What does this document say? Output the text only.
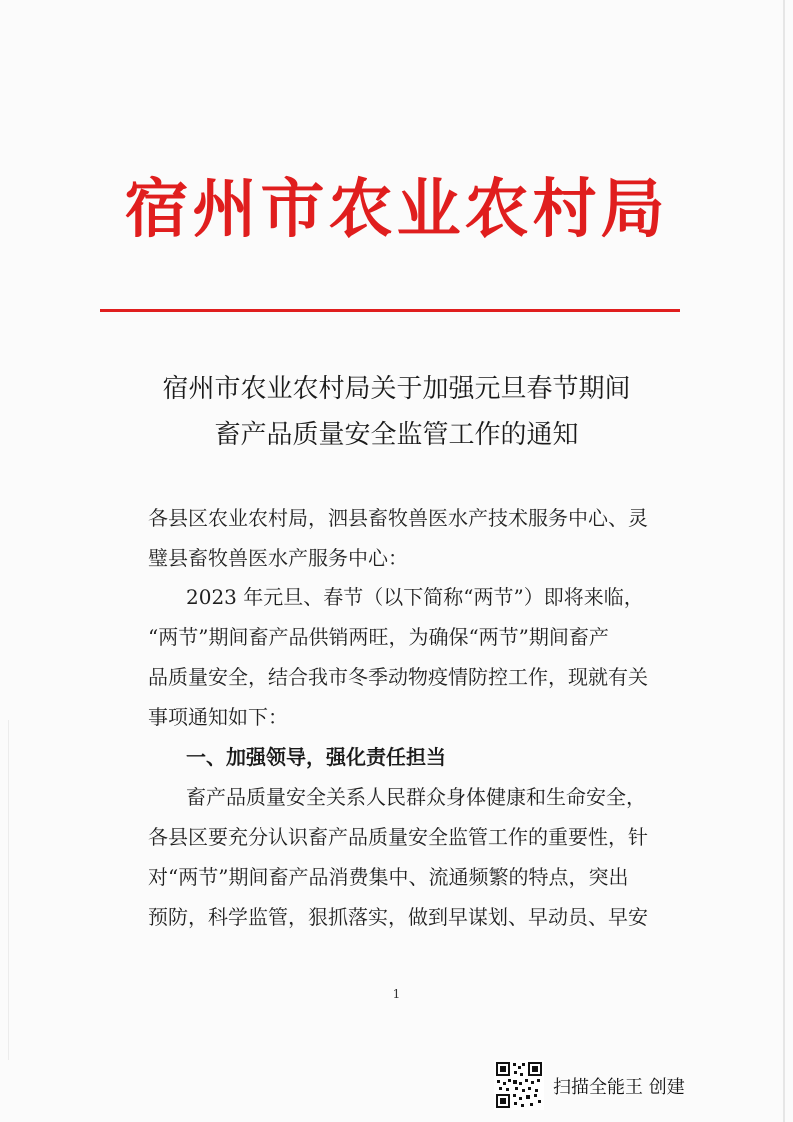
宿州市农业农村局
宿州市农业农村局关于加强元旦春节期间
畜产品质量安全监管工作的通知
各县区农业农村局，泗县畜牧兽医水产技术服务中心、灵
璧县畜牧兽医水产服务中心：
2023 年元旦、春节（以下简称“两节”）即将来临，
“两节”期间畜产品供销两旺，为确保“两节”期间畜产
品质量安全，结合我市冬季动物疫情防控工作，现就有关
事项通知如下：
一、加强领导，强化责任担当
畜产品质量安全关系人民群众身体健康和生命安全，
各县区要充分认识畜产品质量安全监管工作的重要性，针
对“两节”期间畜产品消费集中、流通频繁的特点，突出
预防，科学监管，狠抓落实，做到早谋划、早动员、早安
1
扫描全能王 创建
